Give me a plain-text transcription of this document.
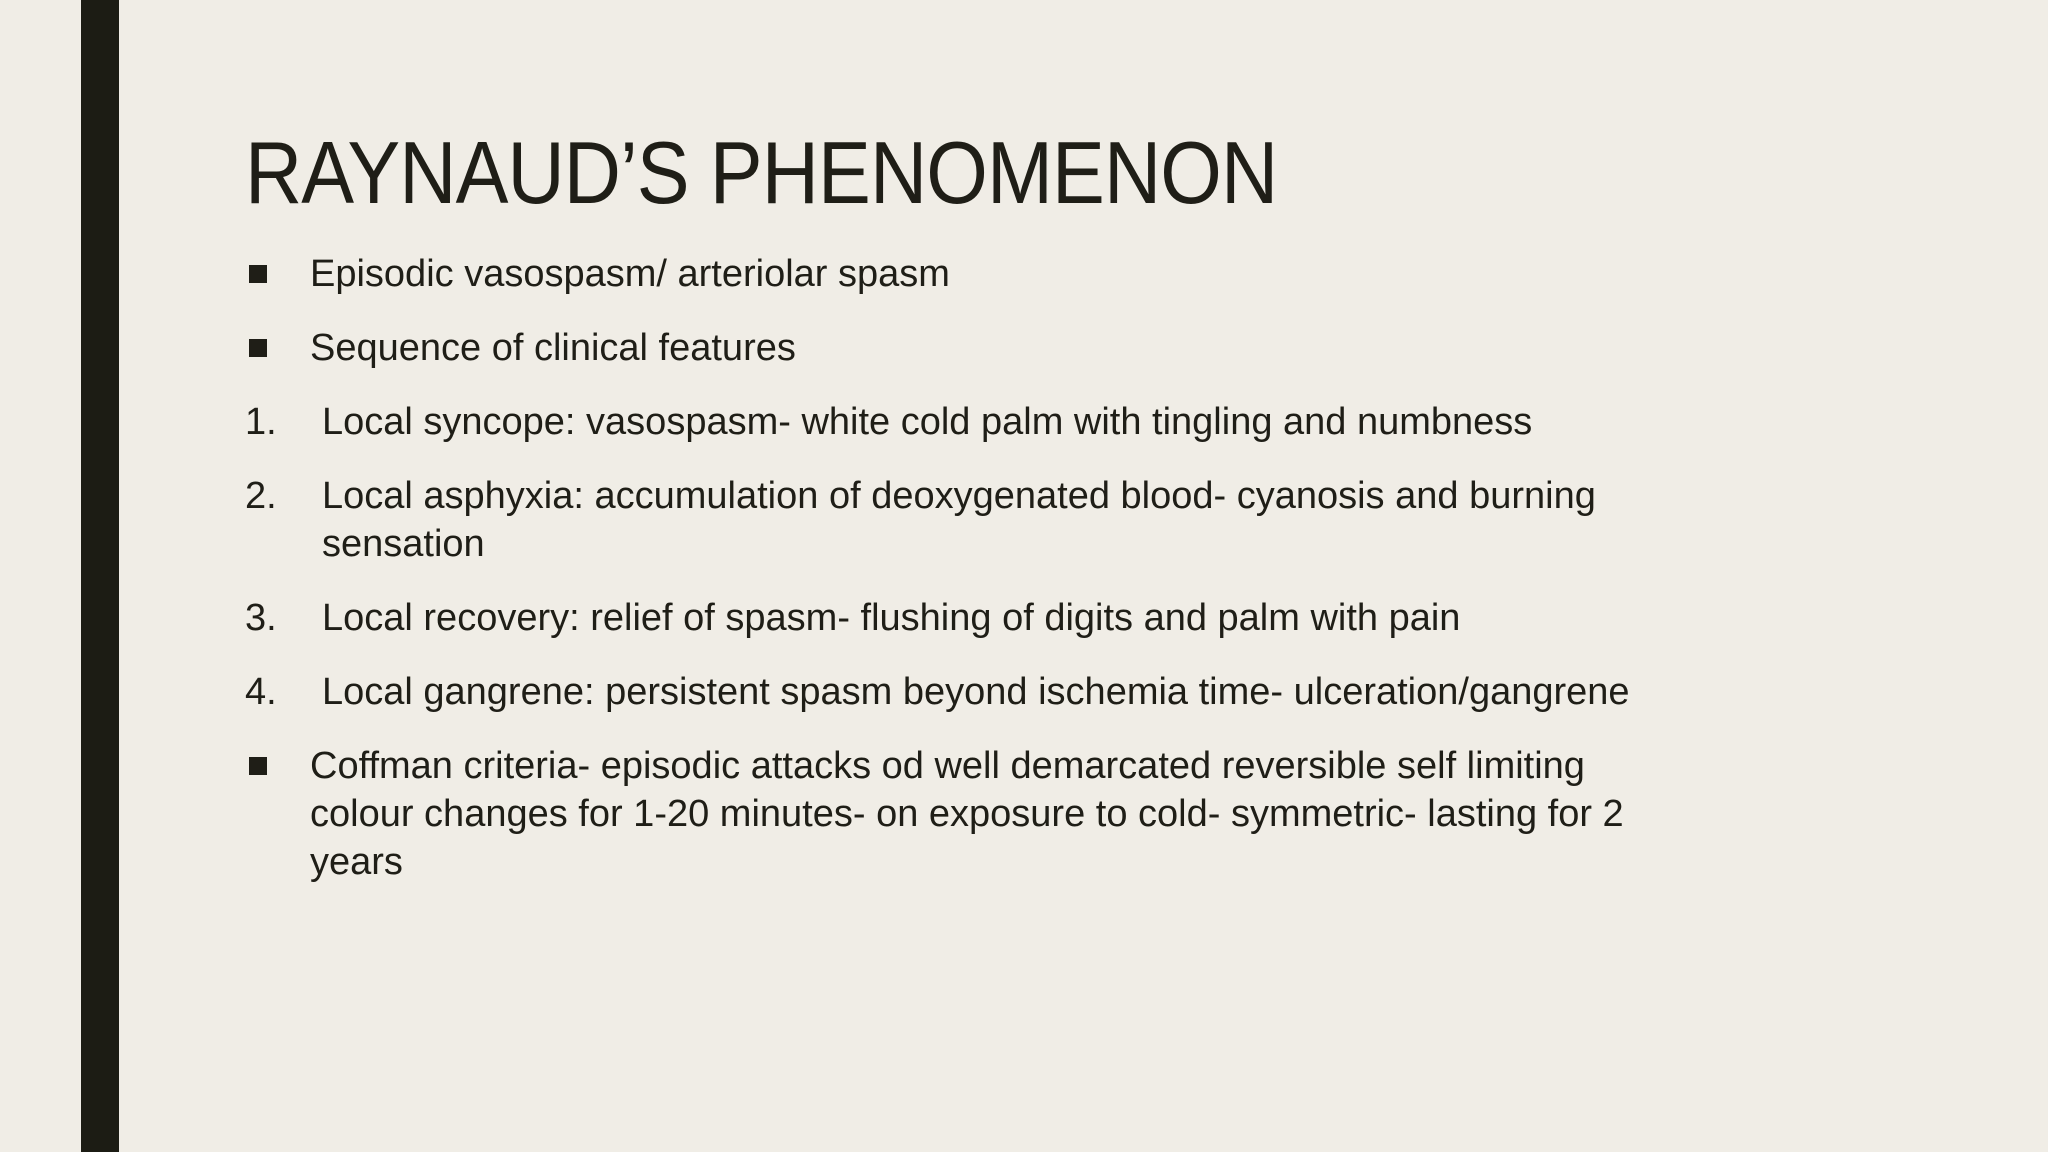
RAYNAUD’S PHENOMENON
Episodic vasospasm/ arteriolar spasm
Sequence of clinical features
1.	Local syncope: vasospasm- white cold palm with tingling and numbness
2.	Local asphyxia: accumulation of deoxygenated blood- cyanosis and burning sensation
3.	Local recovery: relief of spasm- flushing of digits and palm with pain
4.	Local gangrene: persistent spasm beyond ischemia time- ulceration/gangrene
Coffman criteria- episodic attacks od well demarcated reversible self limiting colour changes for 1-20 minutes- on exposure to cold- symmetric- lasting for 2 years
